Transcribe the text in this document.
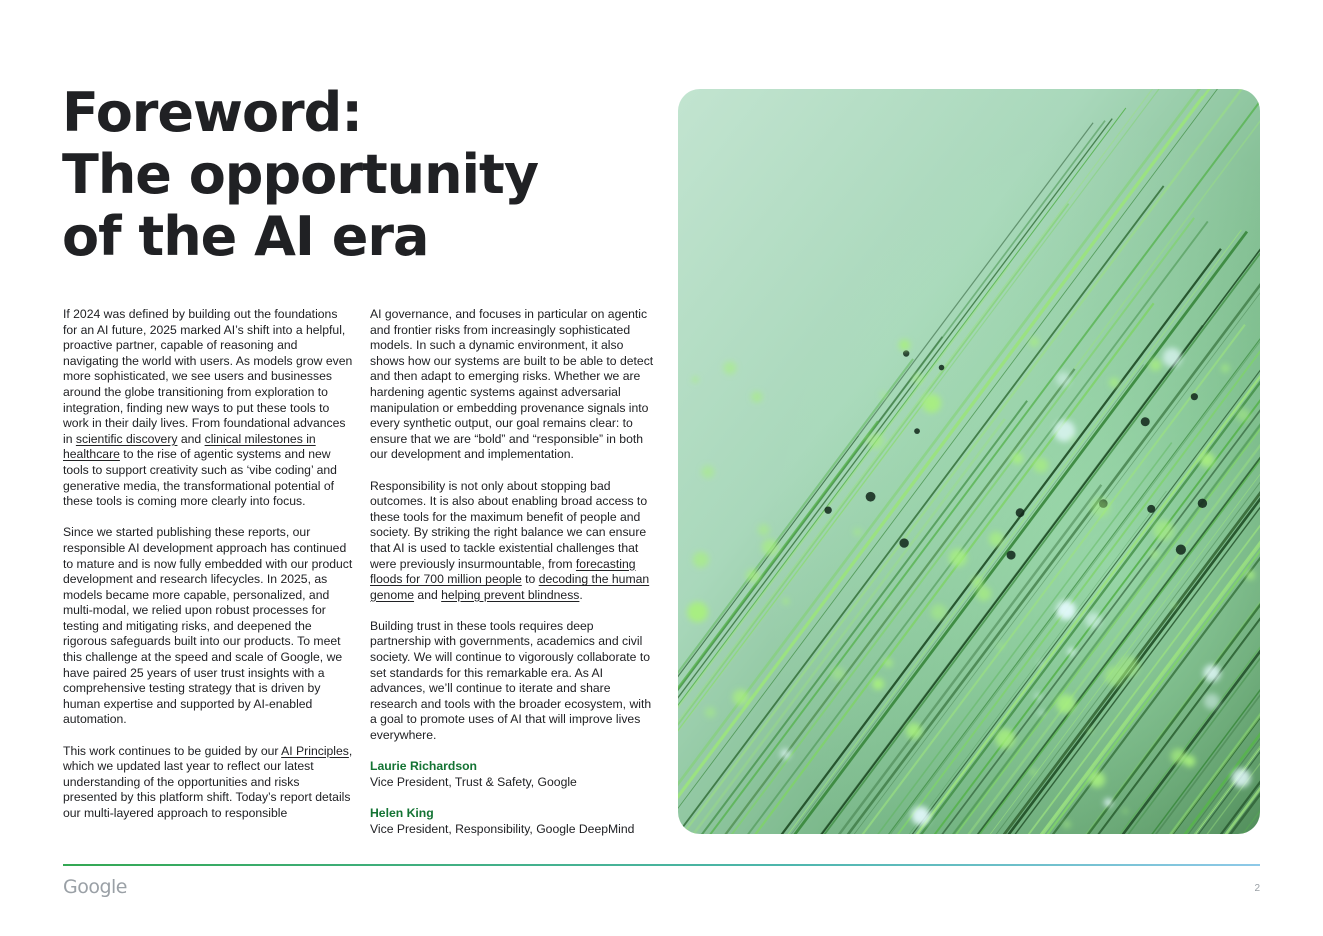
Foreword:
The opportunity
of the AI era

If 2024 was defined by building out the foundations for an AI future, 2025 marked AI’s shift into a helpful, proactive partner, capable of reasoning and navigating the world with users. As models grow even more sophisticated, we see users and businesses around the globe transitioning from exploration to integration, finding new ways to put these tools to work in their daily lives. From foundational advances in scientific discovery and clinical milestones in healthcare to the rise of agentic systems and new tools to support creativity such as ‘vibe coding’ and generative media, the transformational potential of these tools is coming more clearly into focus.

Since we started publishing these reports, our responsible AI development approach has continued to mature and is now fully embedded with our product development and research lifecycles. In 2025, as models became more capable, personalized, and multi-modal, we relied upon robust processes for testing and mitigating risks, and deepened the rigorous safeguards built into our products. To meet this challenge at the speed and scale of Google, we have paired 25 years of user trust insights with a comprehensive testing strategy that is driven by human expertise and supported by AI-enabled automation.

This work continues to be guided by our AI Principles, which we updated last year to reflect our latest understanding of the opportunities and risks presented by this platform shift. Today’s report details our multi-layered approach to responsible

AI governance, and focuses in particular on agentic and frontier risks from increasingly sophisticated models. In such a dynamic environment, it also shows how our systems are built to be able to detect and then adapt to emerging risks. Whether we are hardening agentic systems against adversarial manipulation or embedding provenance signals into every synthetic output, our goal remains clear: to ensure that we are “bold” and “responsible” in both our development and implementation.

Responsibility is not only about stopping bad outcomes. It is also about enabling broad access to these tools for the maximum benefit of people and society. By striking the right balance we can ensure that AI is used to tackle existential challenges that were previously insurmountable, from forecasting floods for 700 million people to decoding the human genome and helping prevent blindness.

Building trust in these tools requires deep partnership with governments, academics and civil society. We will continue to vigorously collaborate to set standards for this remarkable era. As AI advances, we’ll continue to iterate and share research and tools with the broader ecosystem, with a goal to promote uses of AI that will improve lives everywhere.

Laurie Richardson
Vice President, Trust & Safety, Google
Helen King
Vice President, Responsibility, Google DeepMind
Google	2
